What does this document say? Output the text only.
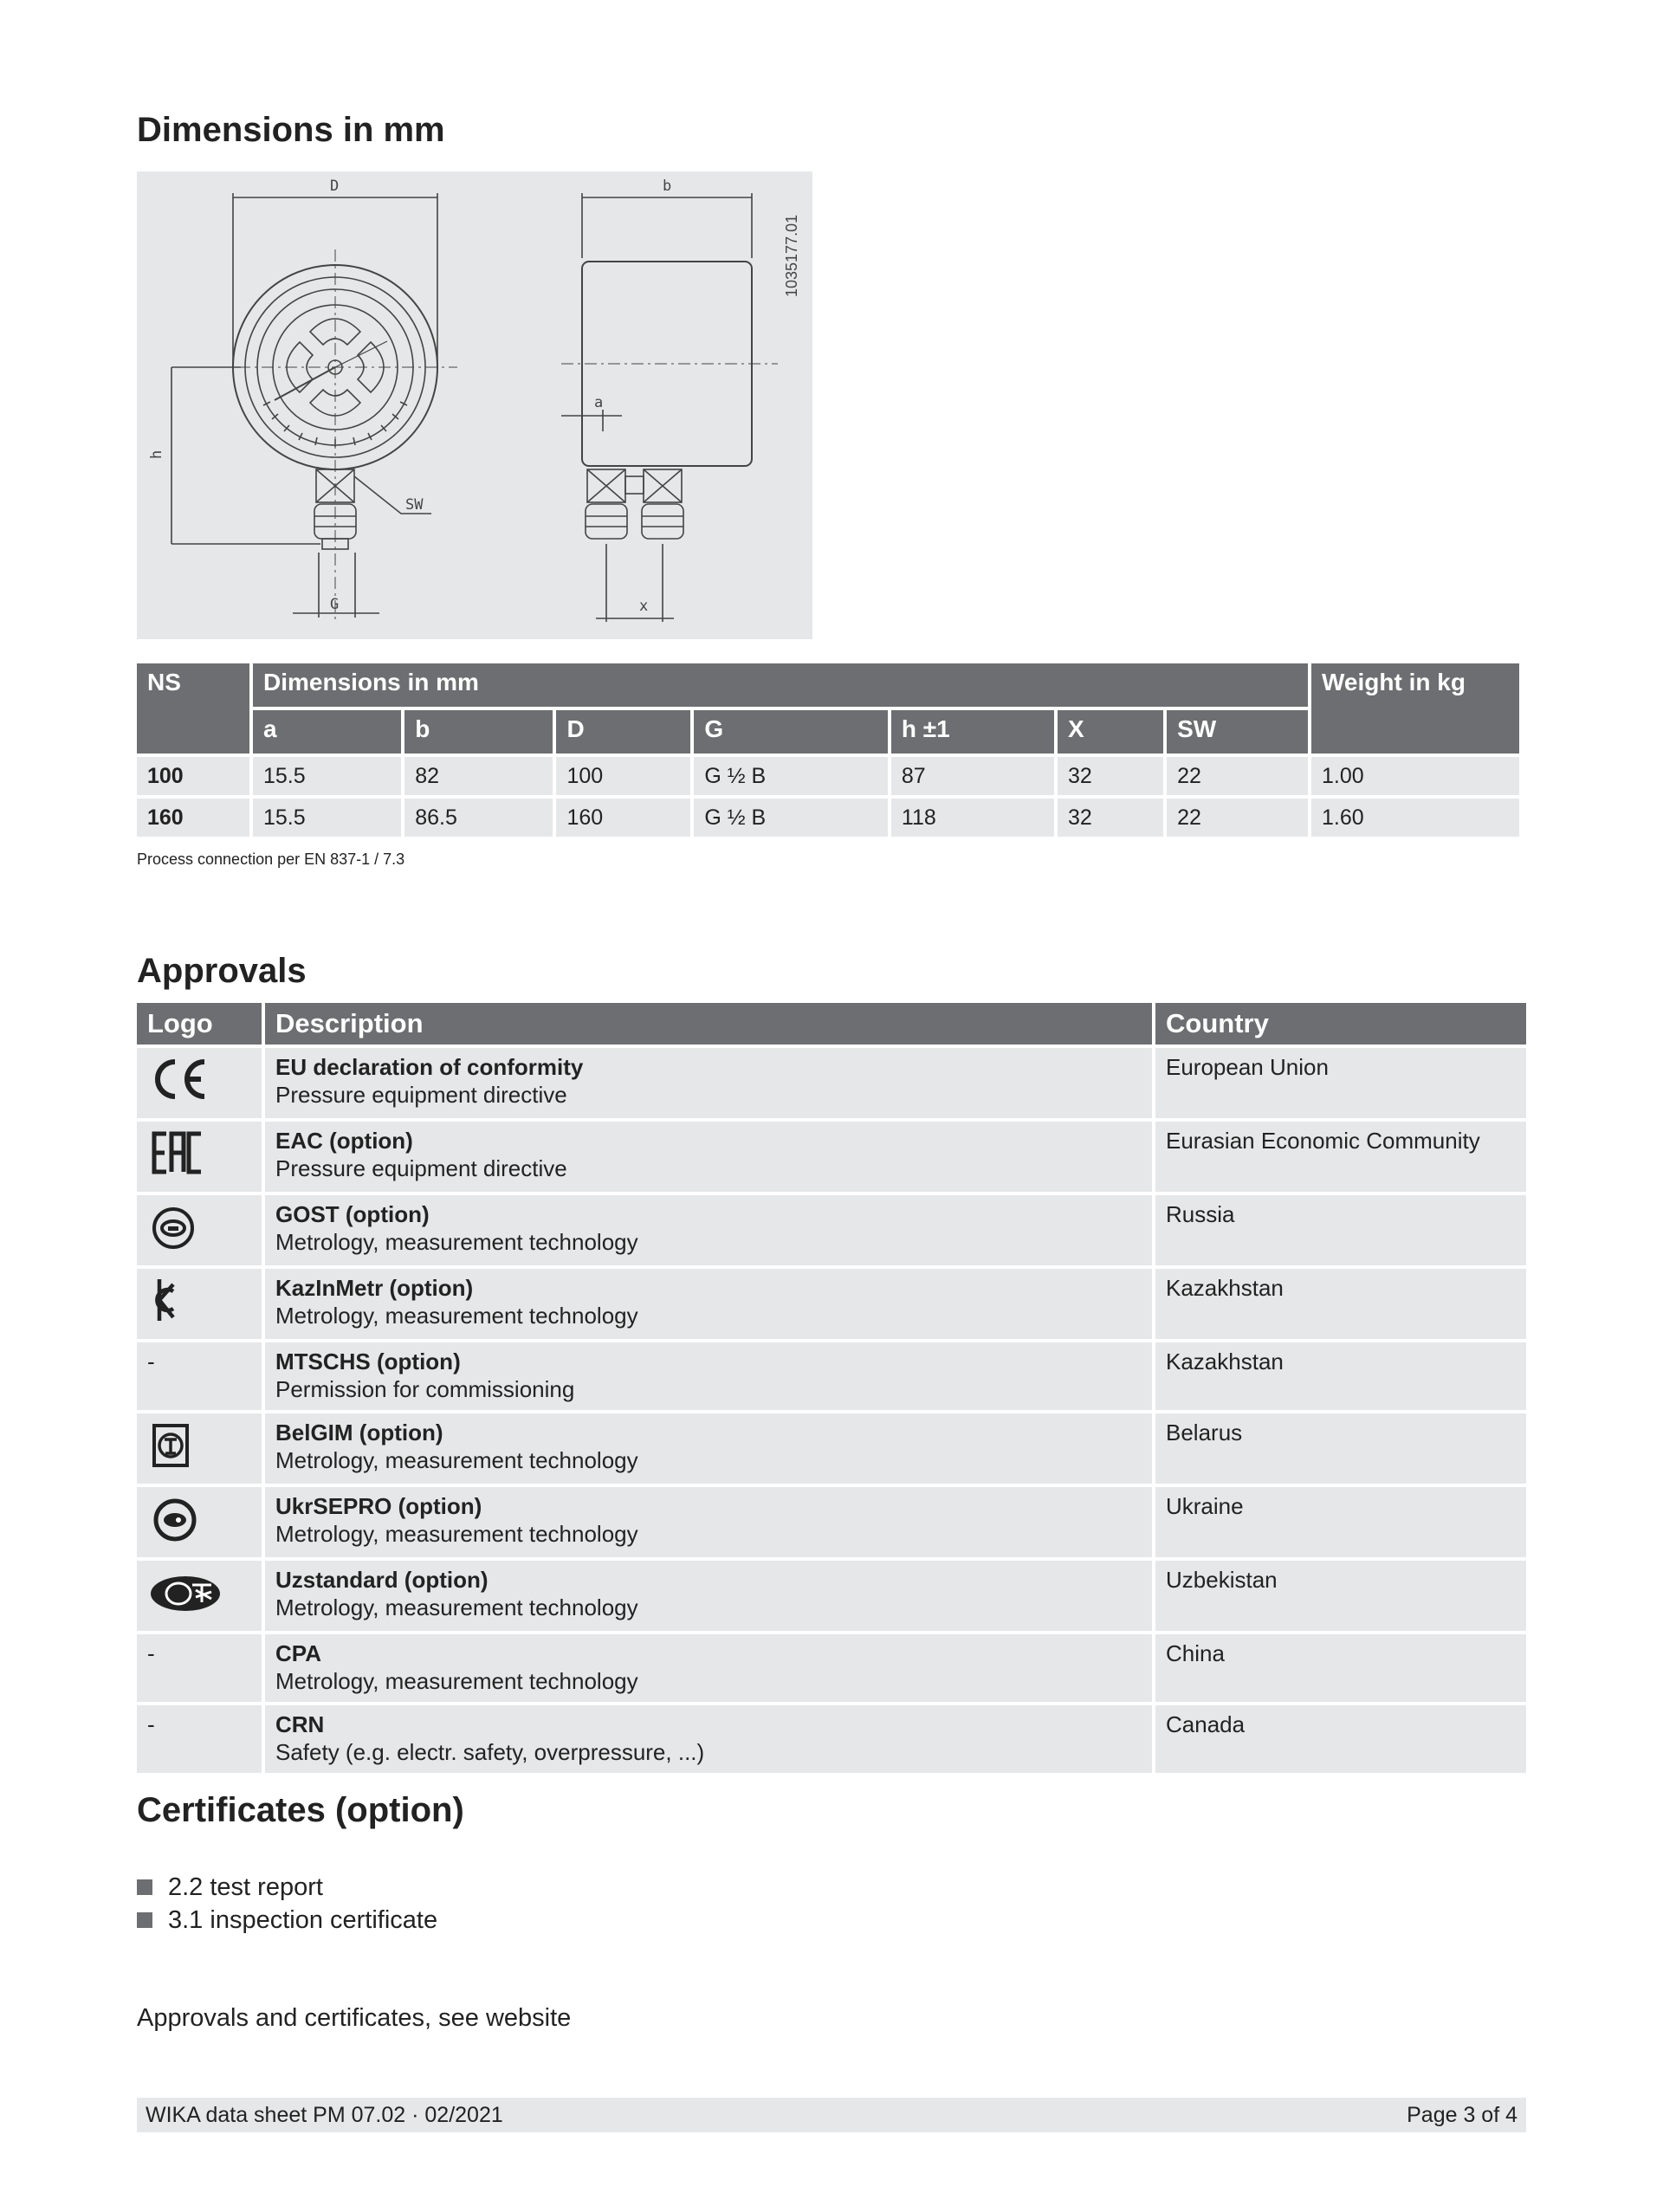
Dimensions in mm
D	b
h
SW
G
a
x
1035177.01
NS	Dimensions in mm							Weight in kg
	a	b	D	G	h ±1	X	SW	
100	15.5	82	100	G ½ B	87	32	22	1.00
160	15.5	86.5	160	G ½ B	118	32	22	1.60
Process connection per EN 837-1 / 7.3
Approvals
Logo	Description	Country

EU declaration of conformity
Pressure equipment directive	European Union

EAC (option)
Pressure equipment directive	Eurasian Economic Community

GOST (option)
Metrology, measurement technology	Russia

KazInMetr (option)
Metrology, measurement technology	Kazakhstan
-	MTSCHS (option)
Permission for commissioning	Kazakhstan

BelGIM (option)
Metrology, measurement technology	Belarus

UkrSEPRO (option)
Metrology, measurement technology	Ukraine

Uzstandard (option)
Metrology, measurement technology	Uzbekistan
-	CPA
Metrology, measurement technology	China
-	CRN
Safety (e.g. electr. safety, overpressure, ...)	Canada
Certificates (option)
2.2 test report
3.1 inspection certificate
Approvals and certificates, see website
WIKA data sheet PM 07.02 · 02/2021	Page 3 of 4
